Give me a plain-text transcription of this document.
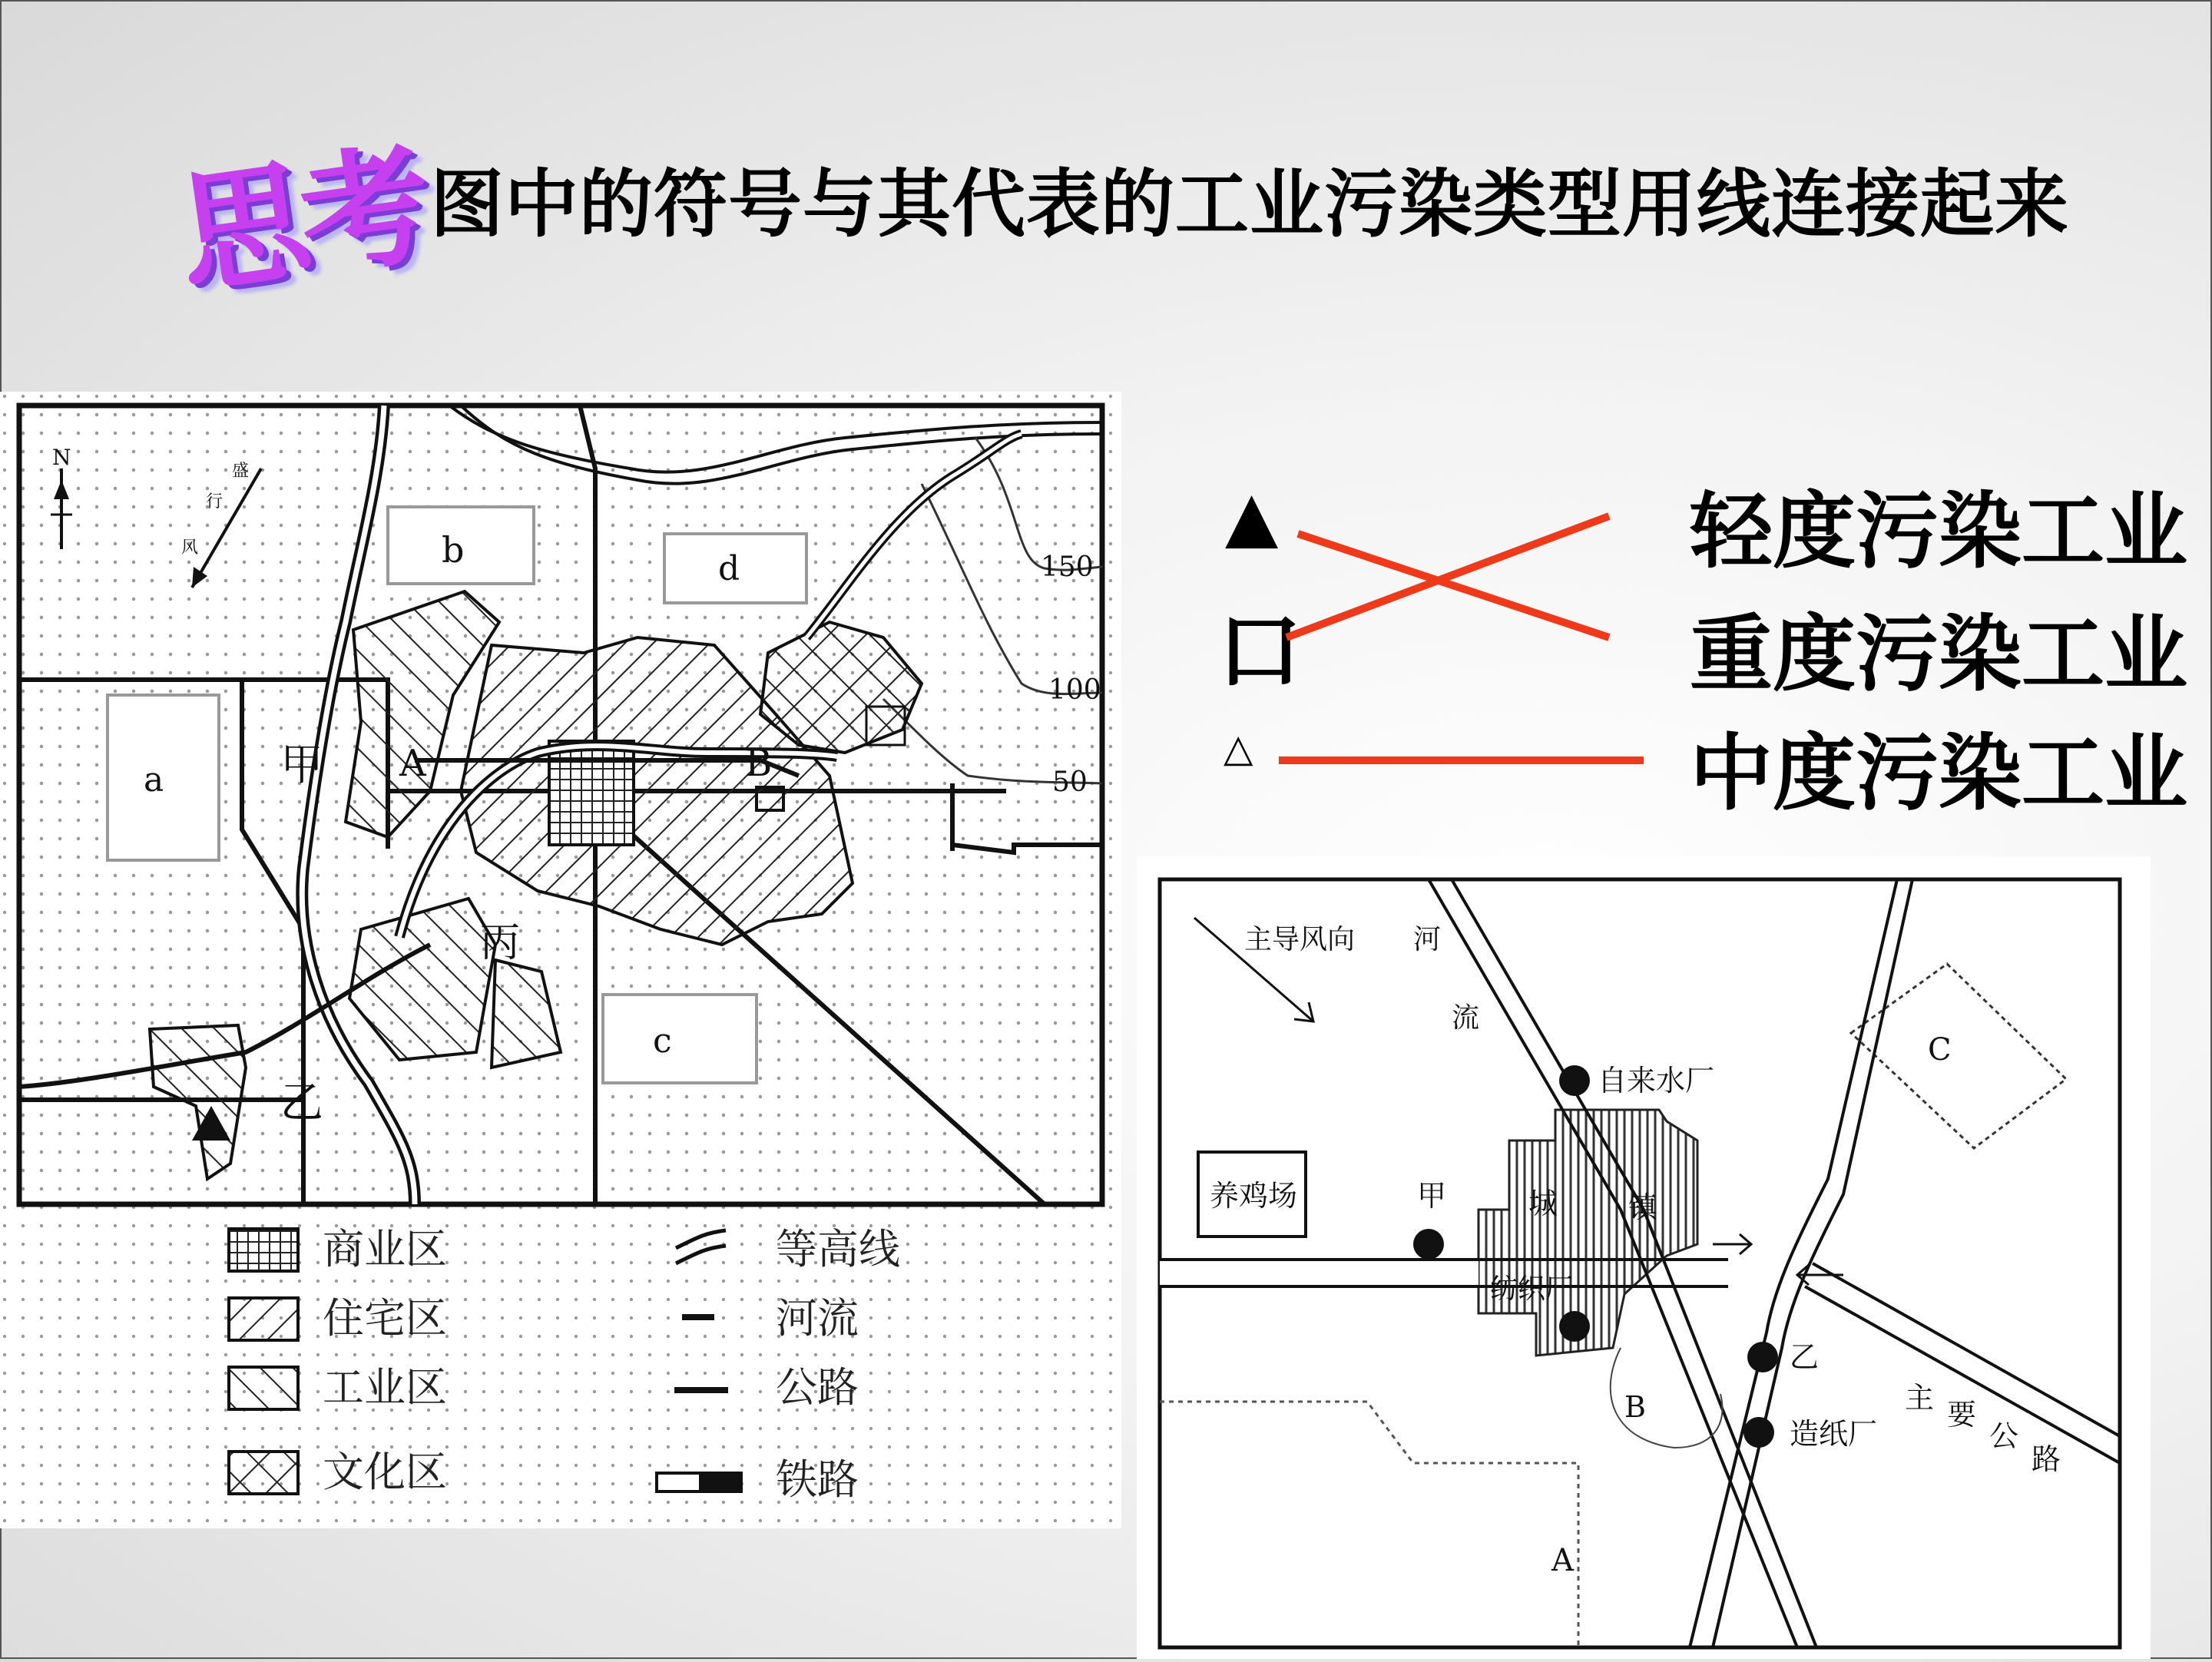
思考
图中的符号与其代表的工业污染类型用线连接起来
N
盛
行
风	b
a
d
c
甲
乙
丙
A	B
150
100
50
商业区
住宅区
工业区
文化区
等高线
河流
公路
铁路
主导风向 河
流
自来水厂
养鸡场	甲	城 镇
纺织厂
乙
造纸厂
主 要
公
路
A
B
C
▲
口
△
轻度污染工业
重度污染工业
中度污染工业
